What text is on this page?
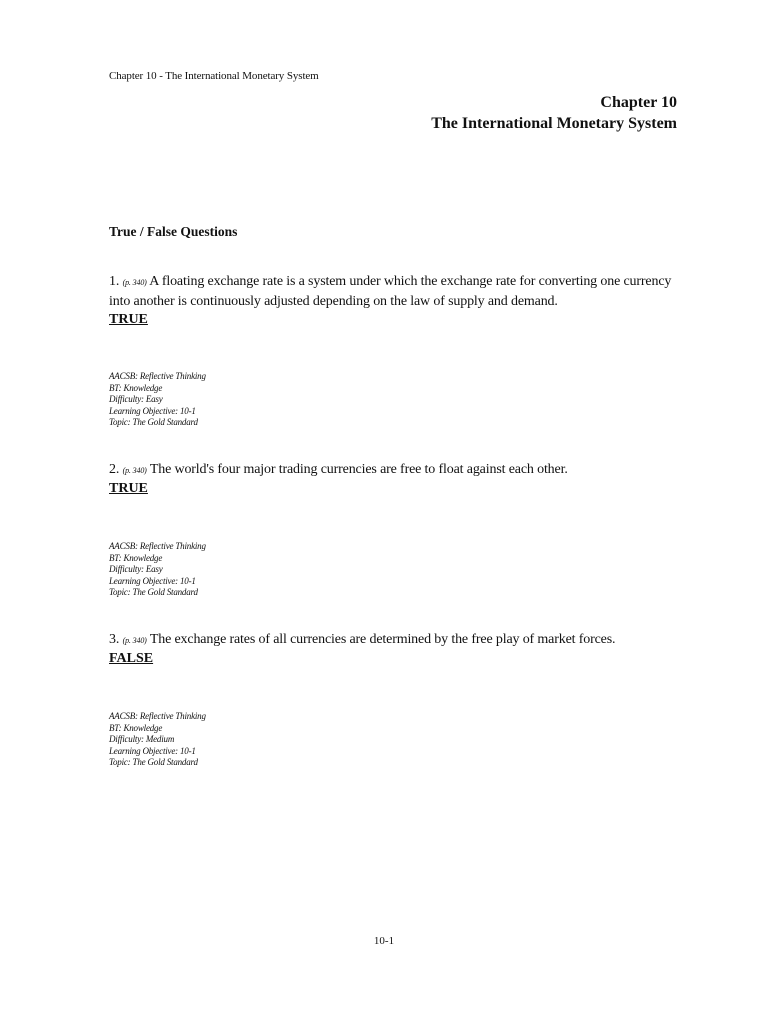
Chapter 10 - The International Monetary System
Chapter 10
The International Monetary System
True / False Questions
1. (p. 340) A floating exchange rate is a system under which the exchange rate for converting one currency into another is continuously adjusted depending on the law of supply and demand.
TRUE
AACSB: Reflective Thinking
BT: Knowledge
Difficulty: Easy
Learning Objective: 10-1
Topic: The Gold Standard
2. (p. 340) The world's four major trading currencies are free to float against each other.
TRUE
AACSB: Reflective Thinking
BT: Knowledge
Difficulty: Easy
Learning Objective: 10-1
Topic: The Gold Standard
3. (p. 340) The exchange rates of all currencies are determined by the free play of market forces.
FALSE
AACSB: Reflective Thinking
BT: Knowledge
Difficulty: Medium
Learning Objective: 10-1
Topic: The Gold Standard
10-1
